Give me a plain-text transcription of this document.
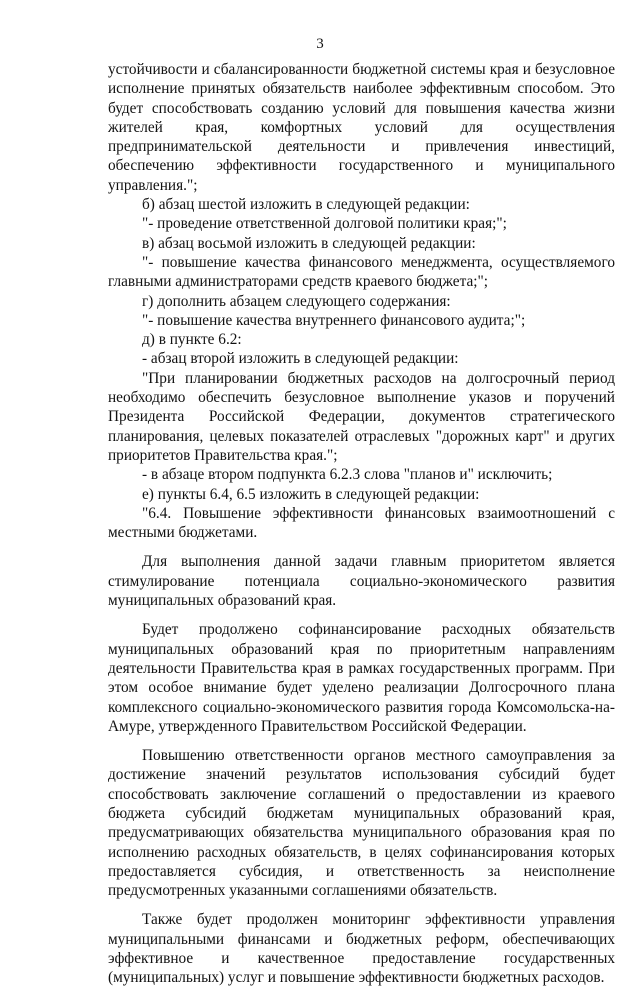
3

устойчивости и сбалансированности бюджетной системы края и безусловное исполнение принятых обязательств наиболее эффективным способом. Это будет способствовать созданию условий для повышения качества жизни жителей края, комфортных условий для осуществления предпринимательской деятельности и привлечения инвестиций, обеспечению эффективности государственного и муниципального управления.";

б) абзац шестой изложить в следующей редакции:

"- проведение ответственной долговой политики края;";

в) абзац восьмой изложить в следующей редакции:

"- повышение качества финансового менеджмента, осуществляемого главными администраторами средств краевого бюджета;";

г) дополнить абзацем следующего содержания:

"- повышение качества внутреннего финансового аудита;";

д) в пункте 6.2:

- абзац второй изложить в следующей редакции:

"При планировании бюджетных расходов на долгосрочный период необходимо обеспечить безусловное выполнение указов и поручений Президента Российской Федерации, документов стратегического планирования, целевых показателей отраслевых "дорожных карт" и других приоритетов Правительства края.";

- в абзаце втором подпункта 6.2.3 слова "планов и" исключить;

е) пункты 6.4, 6.5 изложить в следующей редакции:

"6.4. Повышение эффективности финансовых взаимоотношений с местными бюджетами.

Для выполнения данной задачи главным приоритетом является стимулирование потенциала социально-экономического развития муниципальных образований края.

Будет продолжено софинансирование расходных обязательств муниципальных образований края по приоритетным направлениям деятельности Правительства края в рамках государственных программ. При этом особое внимание будет уделено реализации Долгосрочного плана комплексного социально-экономического развития города Комсомольска-на-Амуре, утвержденного Правительством Российской Федерации.

Повышению ответственности органов местного самоуправления за достижение значений результатов использования субсидий будет способствовать заключение соглашений о предоставлении из краевого бюджета субсидий бюджетам муниципальных образований края, предусматривающих обязательства муниципального образования края по исполнению расходных обязательств, в целях софинансирования которых предоставляется субсидия, и ответственность за неисполнение предусмотренных указанными соглашениями обязательств.

Также будет продолжен мониторинг эффективности управления муниципальными финансами и бюджетных реформ, обеспечивающих эффективное и качественное предоставление государственных (муниципальных) услуг и повышение эффективности бюджетных расходов.
